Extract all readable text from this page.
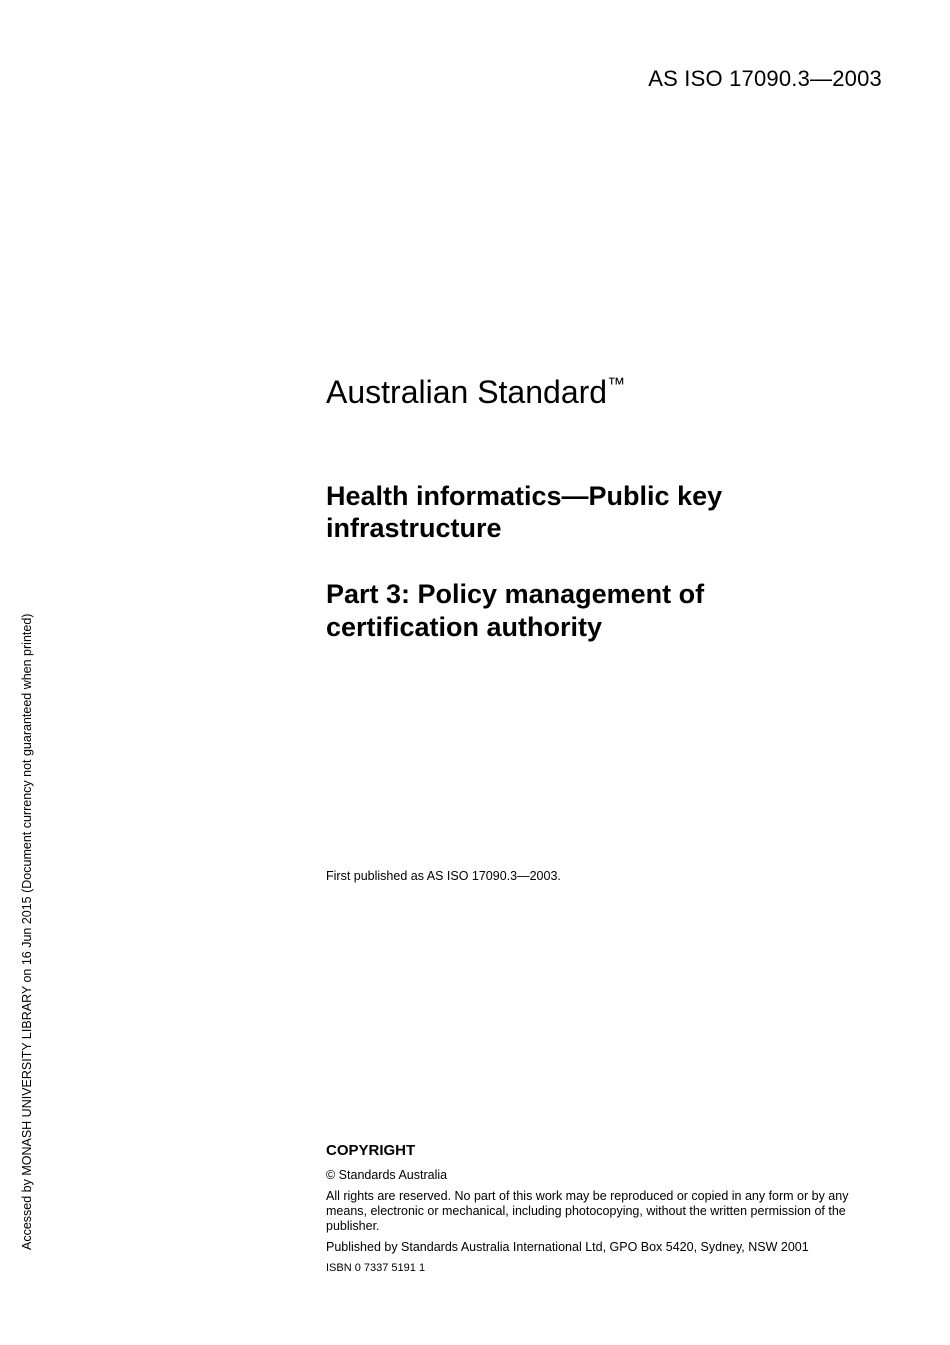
AS ISO 17090.3—2003
Accessed by MONASH UNIVERSITY LIBRARY on 16 Jun 2015 (Document currency not guaranteed when printed)
Australian Standard™
Health informatics—Public key
infrastructure
Part 3: Policy management of
certification authority
First published as AS ISO 17090.3—2003.
COPYRIGHT
© Standards Australia
All rights are reserved. No part of this work may be reproduced or copied in any form or by any means, electronic or mechanical, including photocopying, without the written permission of the publisher.
Published by Standards Australia International Ltd, GPO Box 5420, Sydney, NSW 2001
ISBN 0 7337 5191 1
